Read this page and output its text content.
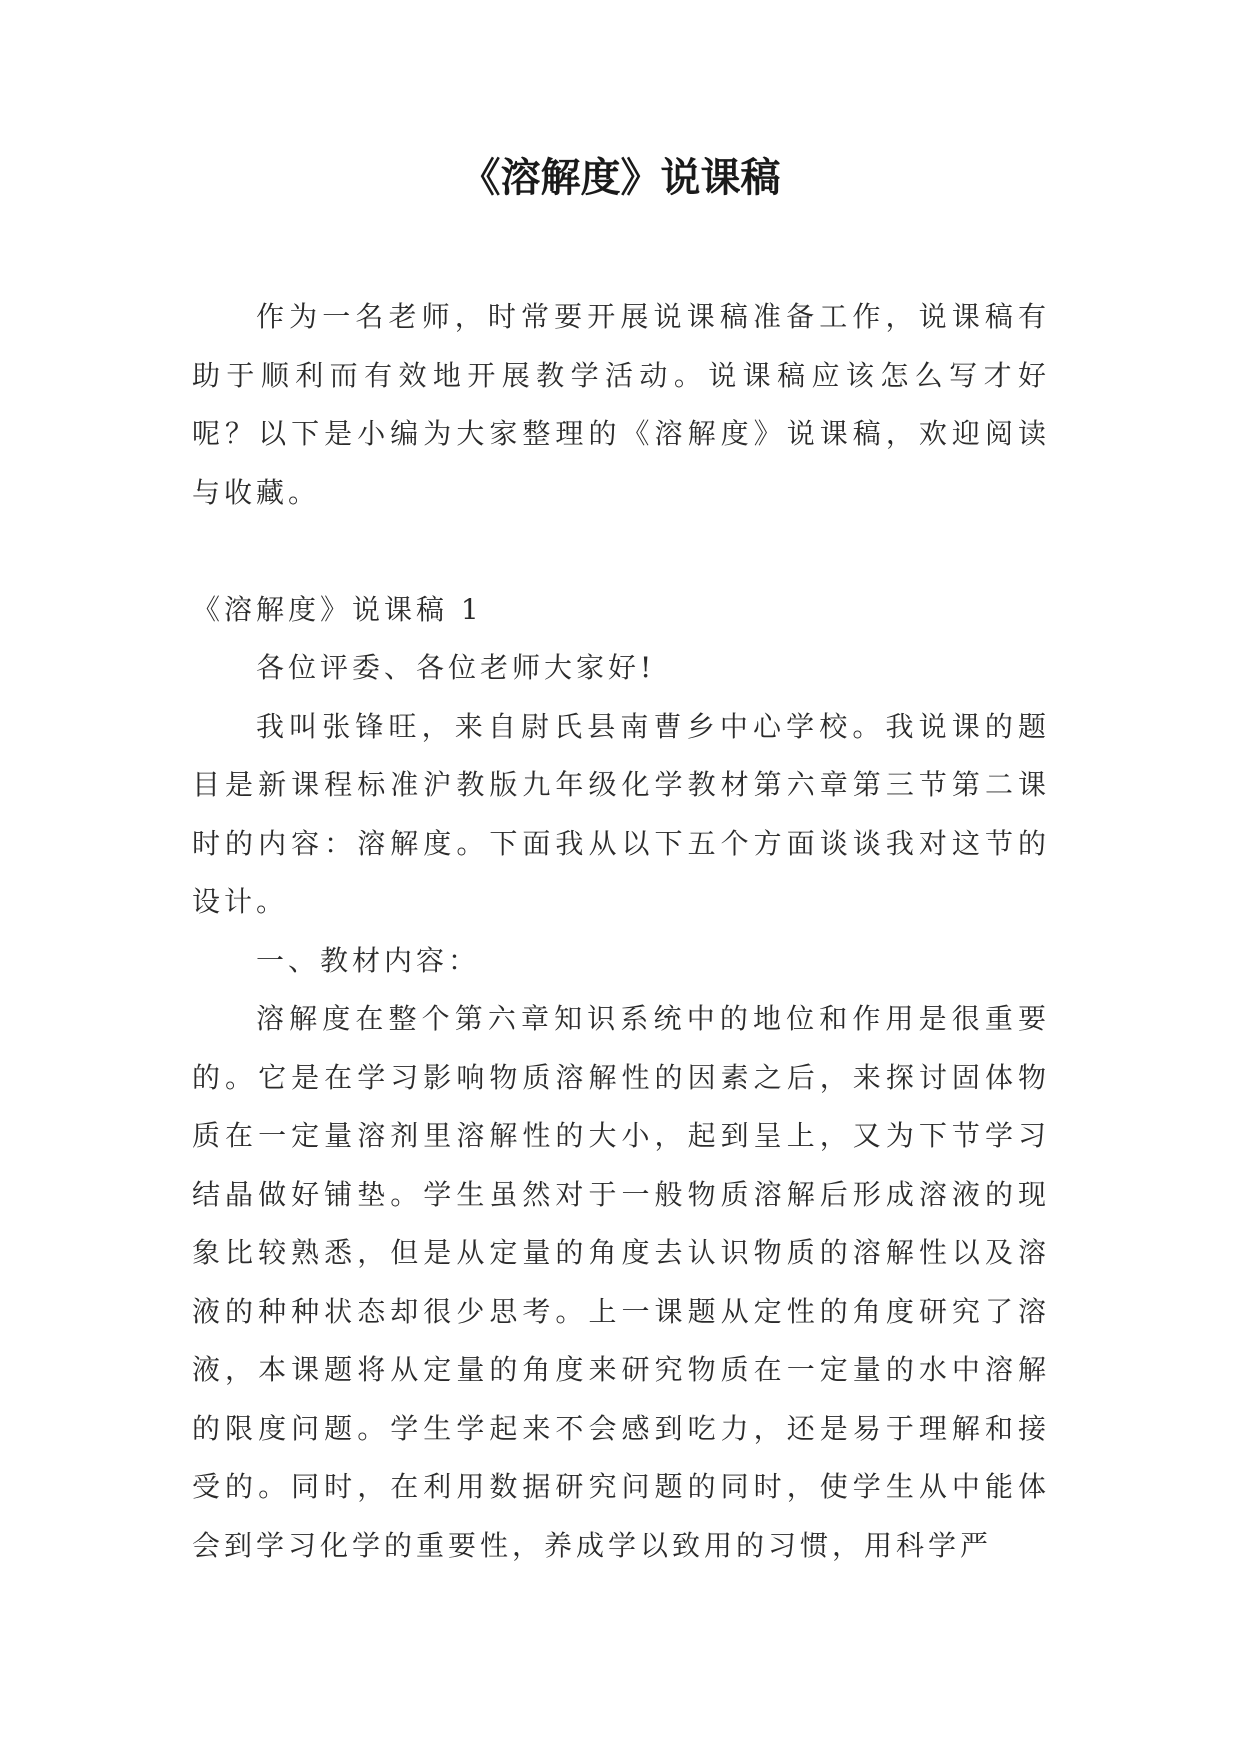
《溶解度》说课稿

作为一名老师，时常要开展说课稿准备工作，说课稿有助于顺利而有效地开展教学活动。说课稿应该怎么写才好呢？以下是小编为大家整理的《溶解度》说课稿，欢迎阅读与收藏。

《溶解度》说课稿 1

各位评委、各位老师大家好!

我叫张锋旺，来自尉氏县南曹乡中心学校。我说课的题目是新课程标准沪教版九年级化学教材第六章第三节第二课时的内容：溶解度。下面我从以下五个方面谈谈我对这节的设计。

一、教材内容：

溶解度在整个第六章知识系统中的地位和作用是很重要的。它是在学习影响物质溶解性的因素之后，来探讨固体物质在一定量溶剂里溶解性的大小，起到呈上，又为下节学习结晶做好铺垫。学生虽然对于一般物质溶解后形成溶液的现象比较熟悉，但是从定量的角度去认识物质的溶解性以及溶液的种种状态却很少思考。上一课题从定性的角度研究了溶液，本课题将从定量的角度来研究物质在一定量的水中溶解的限度问题。学生学起来不会感到吃力，还是易于理解和接受的。同时，在利用数据研究问题的同时，使学生从中能体会到学习化学的重要性，养成学以致用的习惯，用科学严
